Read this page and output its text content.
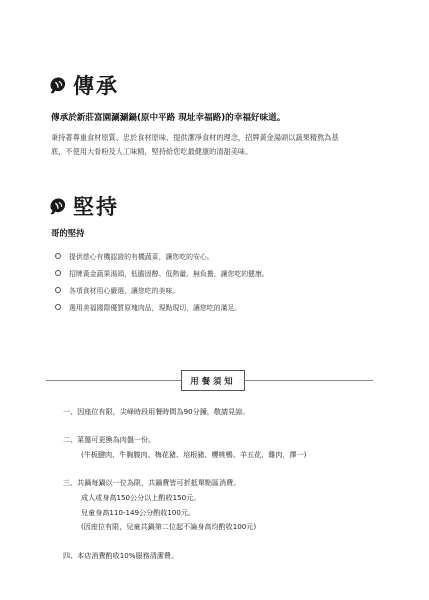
傳承
傳承於新莊富園涮涮鍋(原中平路 現址幸福路)的幸福好味道。
秉持著尊重食材原質、忠於食材原味、提供潔淨食材的理念，招牌黃金湯頭以蔬果精熬為基
底，不使用大骨粉及人工味精，堅持給您吃最健康的清甜美味。
堅持
哥的堅持
提供慈心有機認證的有機蔬菜，讓您吃的安心。
招牌黃金蔬果湯頭，低膽固醇、低熱量、無負擔，讓您吃的健康。
各項食材用心嚴選，讓您吃的美味。
選用美福國際優質原塊肉品，現點現切，讓您吃的滿足。
用餐須知
一、因座位有限，尖峰時段用餐時間為90分鐘，敬請見諒。
二、菜盤可更換為肉盤一份。
(牛板腱肉、牛胸腹肉、梅花豬、培根豬、櫻桃鴨、羊五花、雞肉，擇一)
三、共鍋每鍋以一位為限，共鍋費皆可折抵單點區消費。
成人或身高150公分以上酌收150元。
兒童身高110-149公分酌收100元。
(因座位有限，兒童共鍋第二位起不論身高均酌收100元)
四、本店消費酌收10%服務清潔費。
